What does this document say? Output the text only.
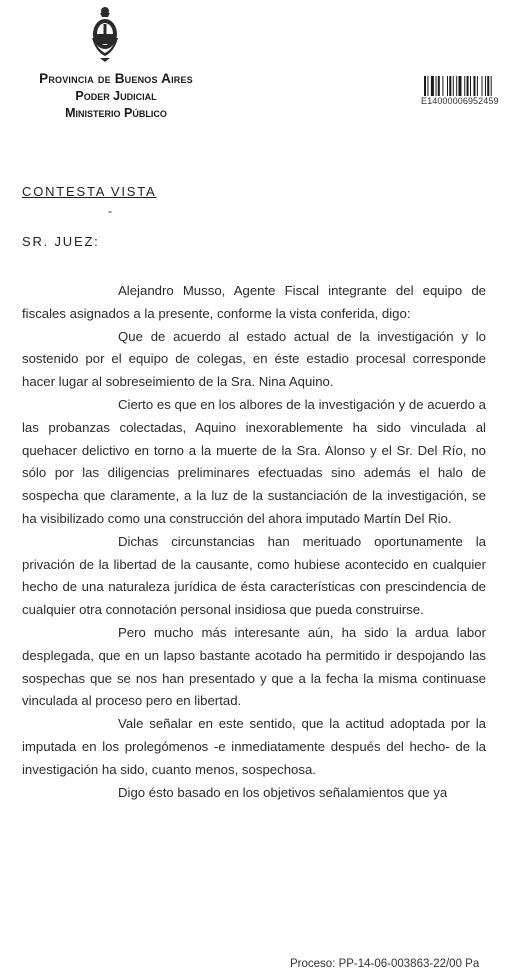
Provincia de Buenos Aires
Poder Judicial
Ministerio Público
E14000006952459
CONTESTA VISTA
-
SR. JUEZ:

Alejandro Musso, Agente Fiscal integrante del equipo de fiscales asignados a la presente, conforme la vista conferida, digo:

Que de acuerdo al estado actual de la investigación y lo sostenido por el equipo de colegas, en éste estadio procesal corresponde hacer lugar al sobreseimiento de la Sra. Nina Aquino.

Cierto es que en los albores de la investigación y de acuerdo a las probanzas colectadas, Aquino inexorablemente ha sido vinculada al quehacer delictivo en torno a la muerte de la Sra. Alonso y el Sr. Del Río, no sólo por las diligencias preliminares efectuadas sino además el halo de sospecha que claramente, a la luz de la sustanciación de la investigación, se ha visibilizado como una construcción del ahora imputado Martín Del Rio.

Dichas circunstancias han merituado oportunamente la privación de la libertad de la causante, como hubiese acontecido en cualquier hecho de una naturaleza jurídica de ésta características con prescindencia de cualquier otra connotación personal insidiosa que pueda construirse.

Pero mucho más interesante aún, ha sido la ardua labor desplegada, que en un lapso bastante acotado ha permitido ir despojando las sospechas que se nos han presentado y que a la fecha la misma continuase vinculada al proceso pero en libertad.

Vale señalar en este sentido, que la actitud adoptada por la imputada en los prolegómenos -e inmediatamente después del hecho- de la investigación ha sido, cuanto menos, sospechosa.

Digo ésto basado en los objetivos señalamientos que ya

Proceso: PP-14-06-003863-22/00 Pa
